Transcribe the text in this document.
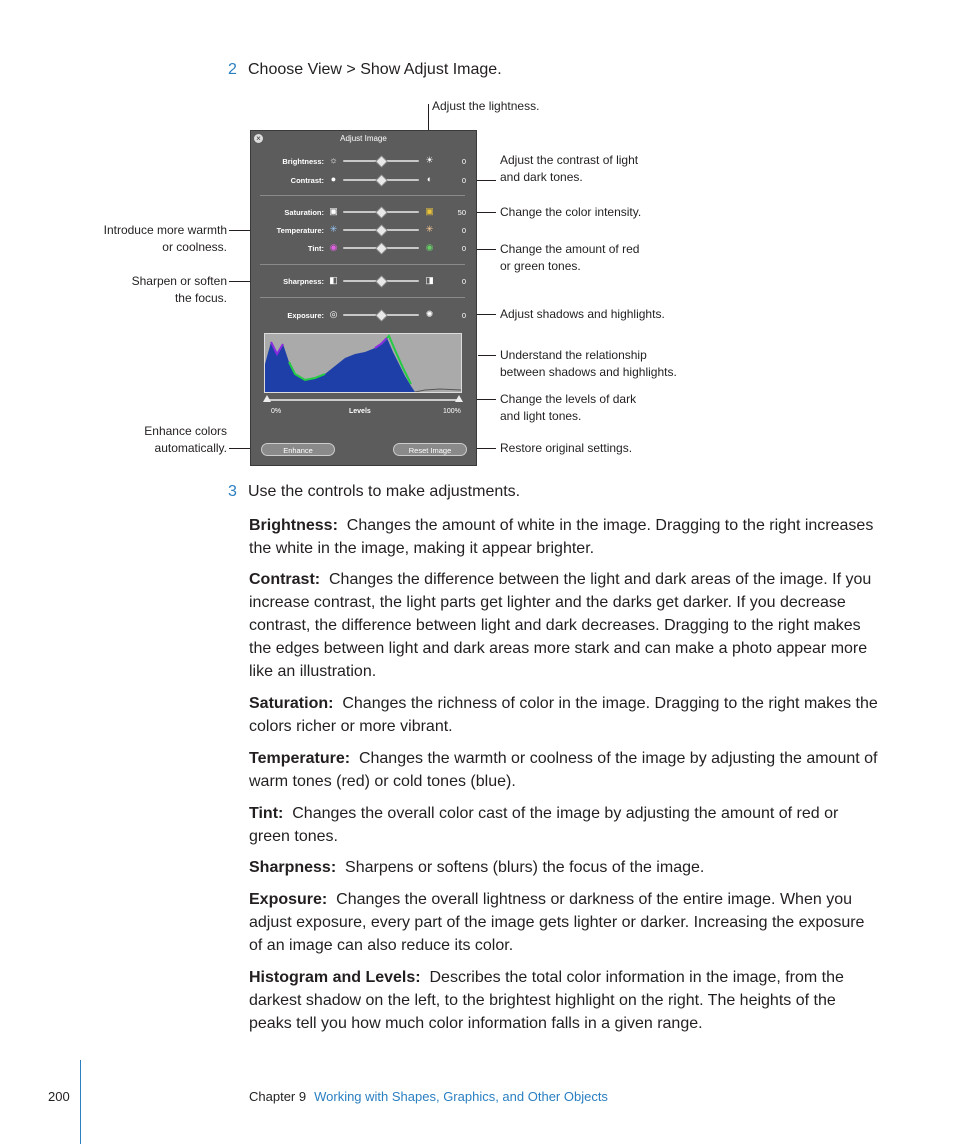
2 Choose View > Show Adjust Image.
Introduce more warmth
or coolness.
Sharpen or soften
the focus.
Enhance colors
automatically.
Adjust the lightness.
Adjust the contrast of light
and dark tones.
Change the color intensity.
Change the amount of red
or green tones.
Adjust shadows and highlights.
Understand the relationship
between shadows and highlights.
Change the levels of dark
and light tones.
Restore original settings.
×	Adjust Image
Brightness: ☼	☀	0
Contrast: ●	◐	0
Saturation: ▣	▣	50
Temperature: ✳	✳	0
Tint: ◉	◉	0
Sharpness: ◧	◨	0
Exposure: ◎	✺	0
0%	Levels	100%
Enhance	Reset Image
3 Use the controls to make adjustments.
Brightness: Changes the amount of white in the image. Dragging to the right increases the white in the image, making it appear brighter.
Contrast: Changes the difference between the light and dark areas of the image. If you increase contrast, the light parts get lighter and the darks get darker. If you decrease contrast, the difference between light and dark decreases. Dragging to the right makes the edges between light and dark areas more stark and can make a photo appear more like an illustration.
Saturation: Changes the richness of color in the image. Dragging to the right makes the colors richer or more vibrant.
Temperature: Changes the warmth or coolness of the image by adjusting the amount of warm tones (red) or cold tones (blue).
Tint: Changes the overall color cast of the image by adjusting the amount of red or green tones.
Sharpness: Sharpens or softens (blurs) the focus of the image.
Exposure: Changes the overall lightness or darkness of the entire image. When you adjust exposure, every part of the image gets lighter or darker. Increasing the exposure of an image can also reduce its color.
Histogram and Levels: Describes the total color information in the image, from the darkest shadow on the left, to the brightest highlight on the right. The heights of the peaks tell you how much color information falls in a given range.
200	Chapter 9 Working with Shapes, Graphics, and Other Objects
